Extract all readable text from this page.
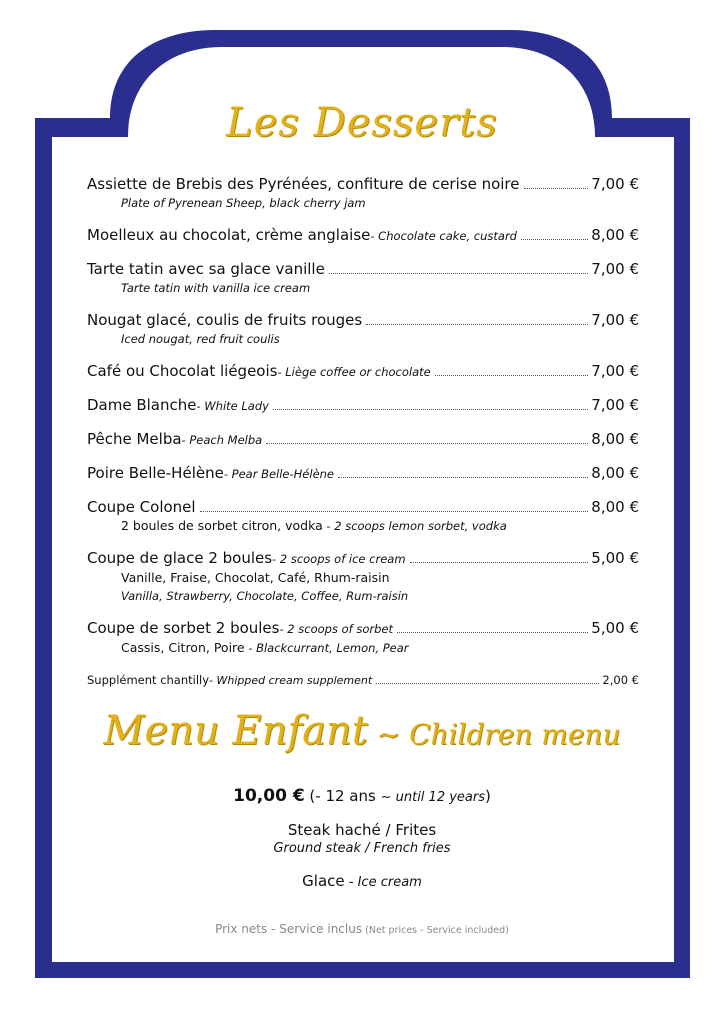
Les Desserts
Assiette de Brebis des Pyrénées, confiture de cerise noire	7,00 €
Plate of Pyrenean Sheep, black cherry jam
Moelleux au chocolat, crème anglaise - Chocolate cake, custard	8,00 €
Tarte tatin avec sa glace vanille	7,00 €
Tarte tatin with vanilla ice cream
Nougat glacé, coulis de fruits rouges	7,00 €
Iced nougat, red fruit coulis
Café ou Chocolat liégeois - Liège coffee or chocolate	7,00 €
Dame Blanche - White Lady	7,00 €
Pêche Melba - Peach Melba	8,00 €
Poire Belle-Hélène - Pear Belle-Hélène	8,00 €
Coupe Colonel	8,00 €
2 boules de sorbet citron, vodka - 2 scoops lemon sorbet, vodka
Coupe de glace 2 boules - 2 scoops of ice cream	5,00 €
Vanille, Fraise, Chocolat, Café, Rhum-raisin
Vanilla, Strawberry, Chocolate, Coffee, Rum-raisin
Coupe de sorbet 2 boules - 2 scoops of sorbet	5,00 €
Cassis, Citron, Poire - Blackcurrant, Lemon, Pear
Supplément chantilly - Whipped cream supplement	2,00 €
Menu Enfant ~ Children menu
10,00 € (- 12 ans ~ until 12 years)
Steak haché / Frites
Ground steak / French fries
Glace - Ice cream
Prix nets - Service inclus (Net prices - Service included)
